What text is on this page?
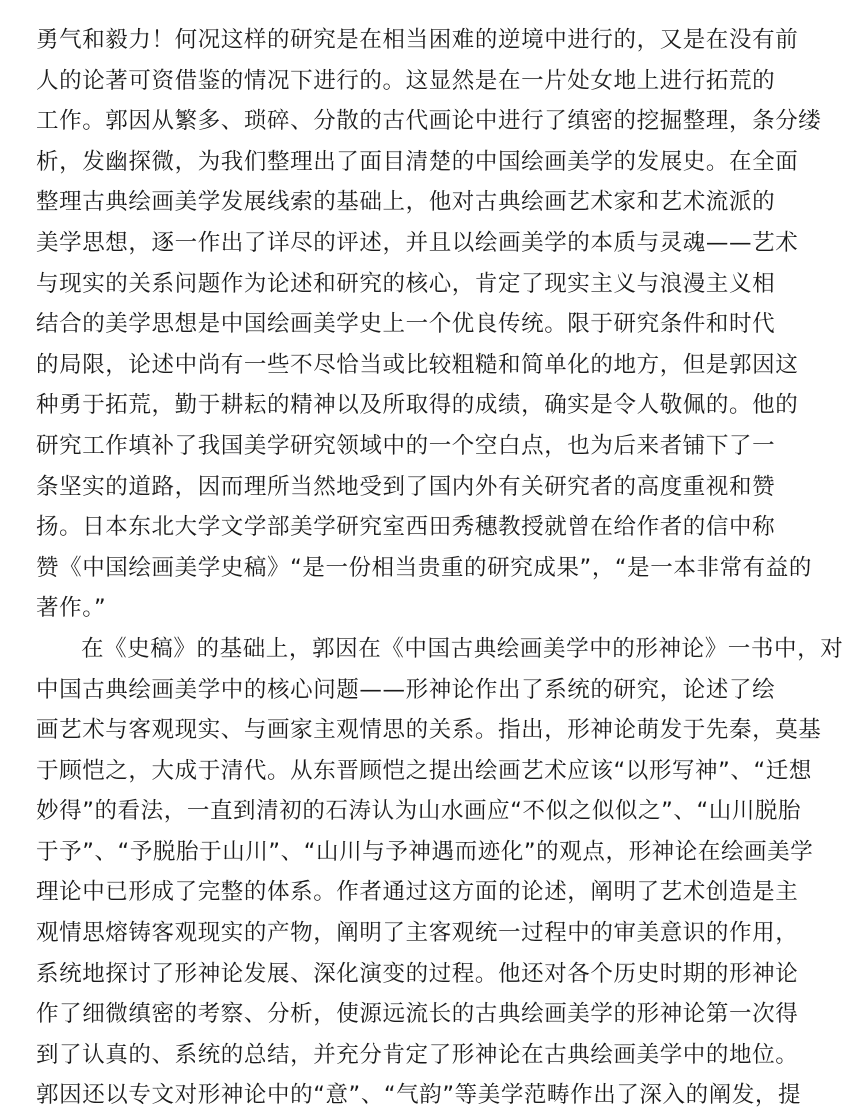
勇气和毅力！何况这样的研究是在相当困难的逆境中进行的，又是在没有前
人的论著可资借鉴的情况下进行的。这显然是在一片处女地上进行拓荒的
工作。郭因从繁多、琐碎、分散的古代画论中进行了缜密的挖掘整理，条分缕
析，发幽探微，为我们整理出了面目清楚的中国绘画美学的发展史。在全面
整理古典绘画美学发展线索的基础上，他对古典绘画艺术家和艺术流派的
美学思想，逐一作出了详尽的评述，并且以绘画美学的本质与灵魂——艺术
与现实的关系问题作为论述和研究的核心，肯定了现实主义与浪漫主义相
结合的美学思想是中国绘画美学史上一个优良传统。限于研究条件和时代
的局限，论述中尚有一些不尽恰当或比较粗糙和简单化的地方，但是郭因这
种勇于拓荒，勤于耕耘的精神以及所取得的成绩，确实是令人敬佩的。他的
研究工作填补了我国美学研究领域中的一个空白点，也为后来者铺下了一
条坚实的道路，因而理所当然地受到了国内外有关研究者的高度重视和赞
扬。日本东北大学文学部美学研究室西田秀穗教授就曾在给作者的信中称
赞《中国绘画美学史稿》“是一份相当贵重的研究成果”，“是一本非常有益的
著作。”
在《史稿》的基础上，郭因在《中国古典绘画美学中的形神论》一书中，对
中国古典绘画美学中的核心问题——形神论作出了系统的研究，论述了绘
画艺术与客观现实、与画家主观情思的关系。指出，形神论萌发于先秦，莫基
于顾恺之，大成于清代。从东晋顾恺之提出绘画艺术应该“以形写神”、“迁想
妙得”的看法，一直到清初的石涛认为山水画应“不似之似似之”、“山川脱胎
于予”、“予脱胎于山川”、“山川与予神遇而迹化”的观点，形神论在绘画美学
理论中已形成了完整的体系。作者通过这方面的论述，阐明了艺术创造是主
观情思熔铸客观现实的产物，阐明了主客观统一过程中的审美意识的作用，
系统地探讨了形神论发展、深化演变的过程。他还对各个历史时期的形神论
作了细微缜密的考察、分析，使源远流长的古典绘画美学的形神论第一次得
到了认真的、系统的总结，并充分肯定了形神论在古典绘画美学中的地位。
郭因还以专文对形神论中的“意”、“气韵”等美学范畴作出了深入的阐发，提
